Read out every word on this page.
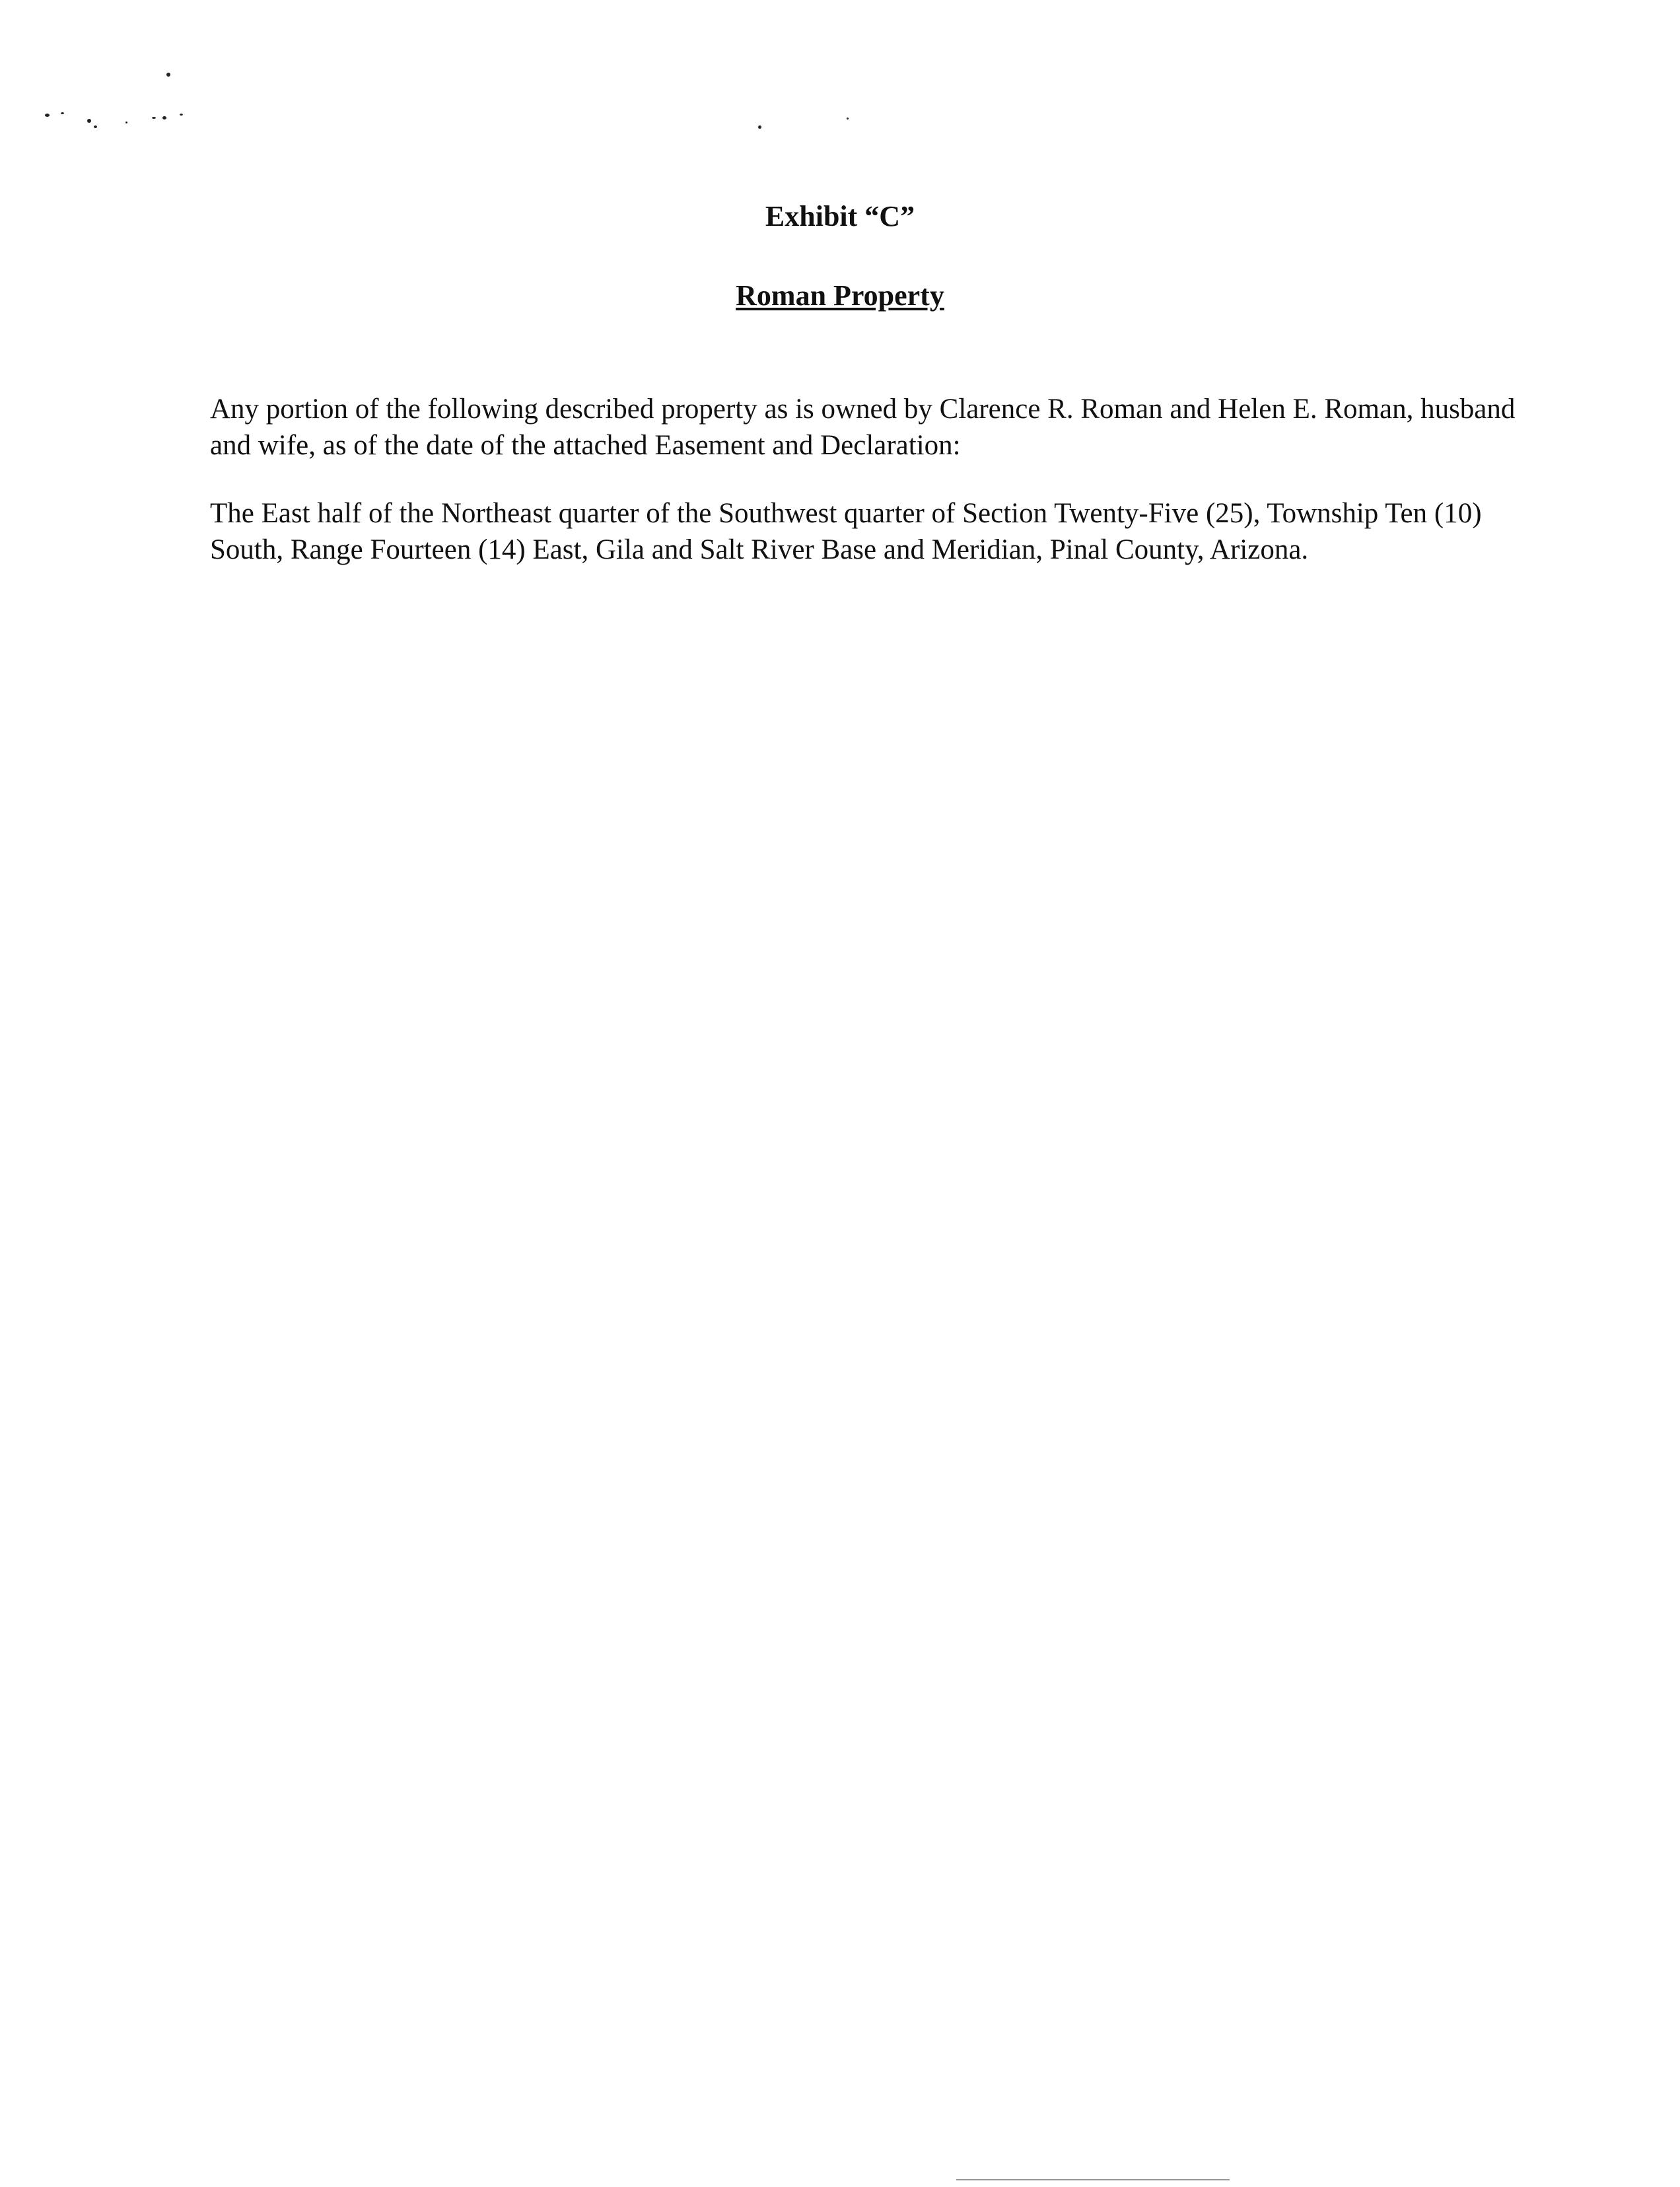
Exhibit “C”
Roman Property

Any portion of the following described property as is owned by Clarence R. Roman and Helen E. Roman, husband and wife, as of the date of the attached Easement and Declaration:

The East half of the Northeast quarter of the Southwest quarter of Section Twenty-Five (25), Township Ten (10) South, Range Fourteen (14) East, Gila and Salt River Base and Meridian, Pinal County, Arizona.
